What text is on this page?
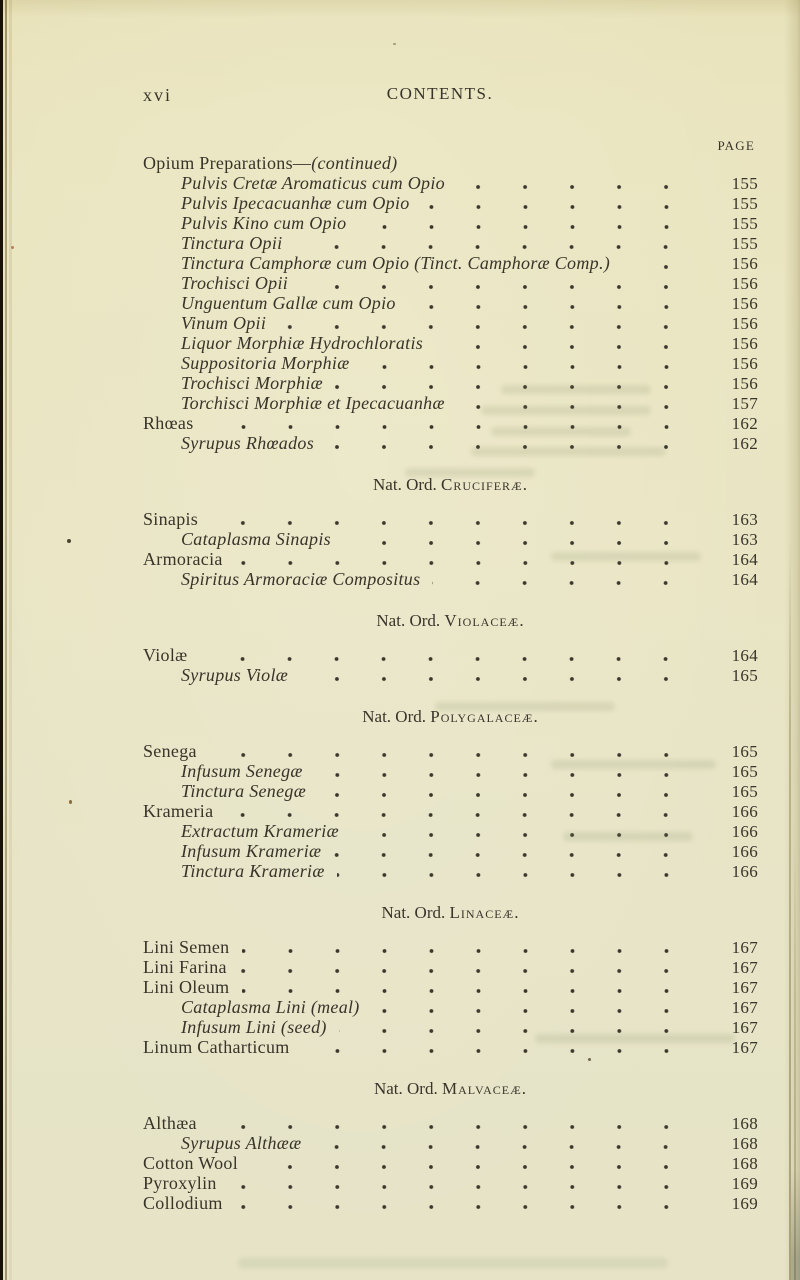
xvi	CONTENTS.
PAGE
Opium Preparations—(continued)
Pulvis Cretæ Aromaticus cum Opio	155
Pulvis Ipecacuanhæ cum Opio	155
Pulvis Kino cum Opio	155
Tinctura Opii	155
Tinctura Camphoræ cum Opio (Tinct. Camphoræ Comp.)	156
Trochisci Opii	156
Unguentum Gallæ cum Opio	156
Vinum Opii	156
Liquor Morphiæ Hydrochloratis	156
Suppositoria Morphiæ	156
Trochisci Morphiæ	156
Torchisci Morphiæ et Ipecacuanhæ	157
Rhœas	162
Syrupus Rhœados	162
Nat. Ord. Cruciferæ.
Sinapis	163
Cataplasma Sinapis	163
Armoracia	164
Spiritus Armoraciæ Compositus	164
Nat. Ord. Violaceæ.
Violæ	164
Syrupus Violæ	165
Nat. Ord. Polygalaceæ.
Senega	165
Infusum Senegæ	165
Tinctura Senegæ	165
Krameria	166
Extractum Krameriæ	166
Infusum Krameriæ	166
Tinctura Krameriæ	166
Nat. Ord. Linaceæ.
Lini Semen	167
Lini Farina	167
Lini Oleum	167
Cataplasma Lini (meal)	167
Infusum Lini (seed)	167
Linum Catharticum	167
Nat. Ord. Malvaceæ.
Althæa	168
Syrupus Althææ	168
Cotton Wool	168
Pyroxylin	169
Collodium	169
